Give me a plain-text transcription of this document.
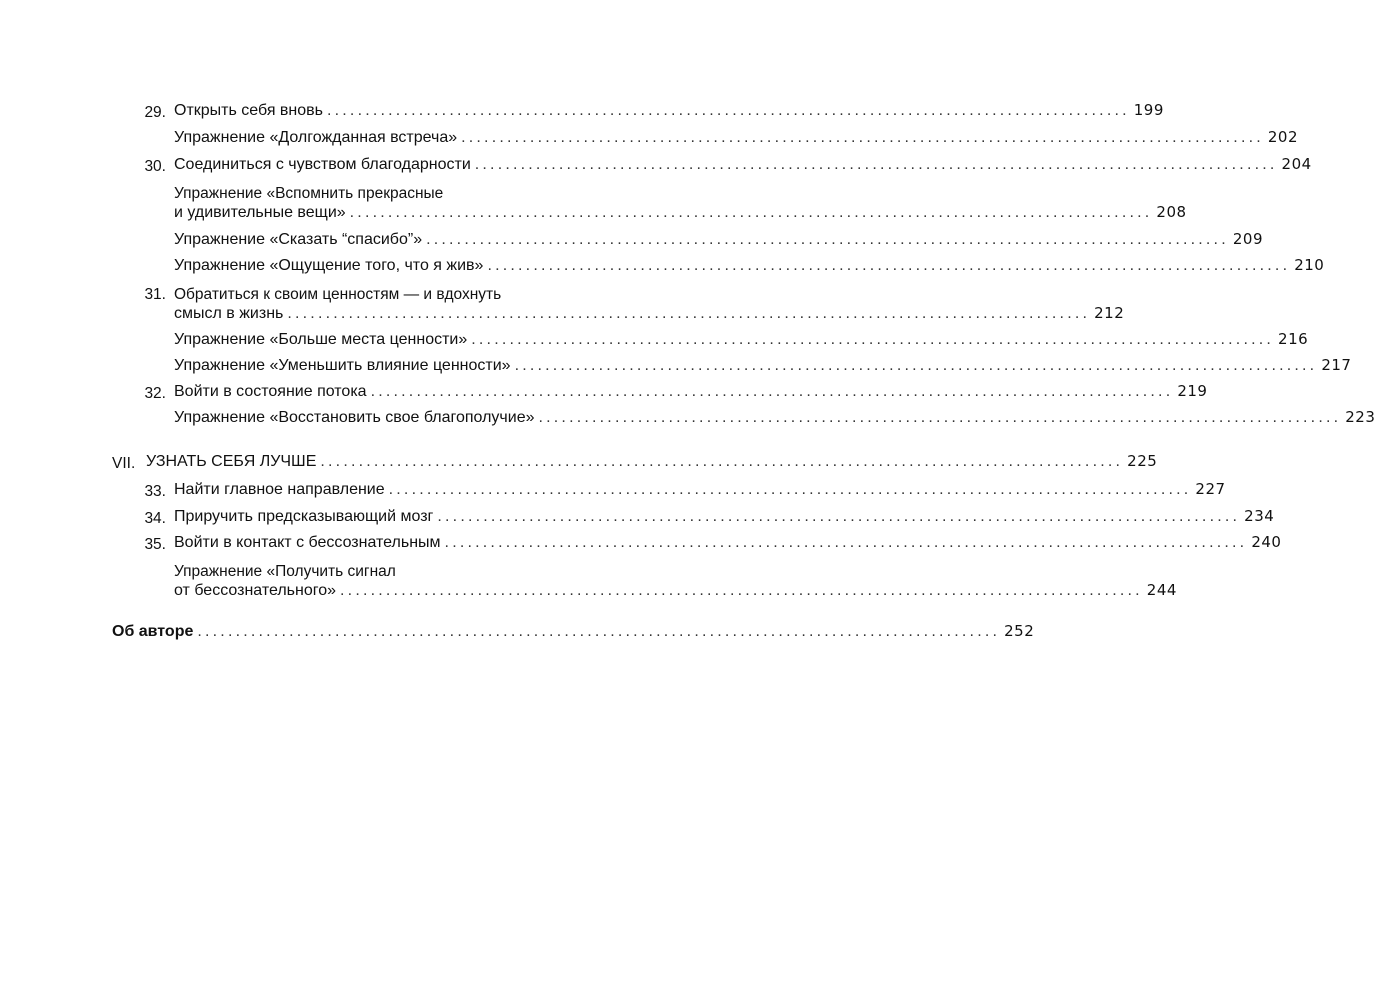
29. Открыть себя вновь ......................................................................................................... 199
Упражнение «Долгожданная встреча» ......................................................................................................... 202
30. Соединиться с чувством благодарности ......................................................................................................... 204
Упражнение «Вспомнить прекрасные
и удивительные вещи» ......................................................................................................... 208
Упражнение «Сказать “спасибо”» ......................................................................................................... 209
Упражнение «Ощущение того, что я жив» ......................................................................................................... 210
31. Обратиться к своим ценностям — и вдохнуть
смысл в жизнь ......................................................................................................... 212
Упражнение «Больше места ценности» ......................................................................................................... 216
Упражнение «Уменьшить влияние ценности» ......................................................................................................... 217
32. Войти в состояние потока ......................................................................................................... 219
Упражнение «Восстановить свое благополучие» ......................................................................................................... 223
VII. УЗНАТЬ СЕБЯ ЛУЧШЕ ......................................................................................................... 225
33. Найти главное направление ......................................................................................................... 227
34. Приручить предсказывающий мозг ......................................................................................................... 234
35. Войти в контакт с бессознательным ......................................................................................................... 240
Упражнение «Получить сигнал
от бессознательного» ......................................................................................................... 244
Об авторе ......................................................................................................... 252
